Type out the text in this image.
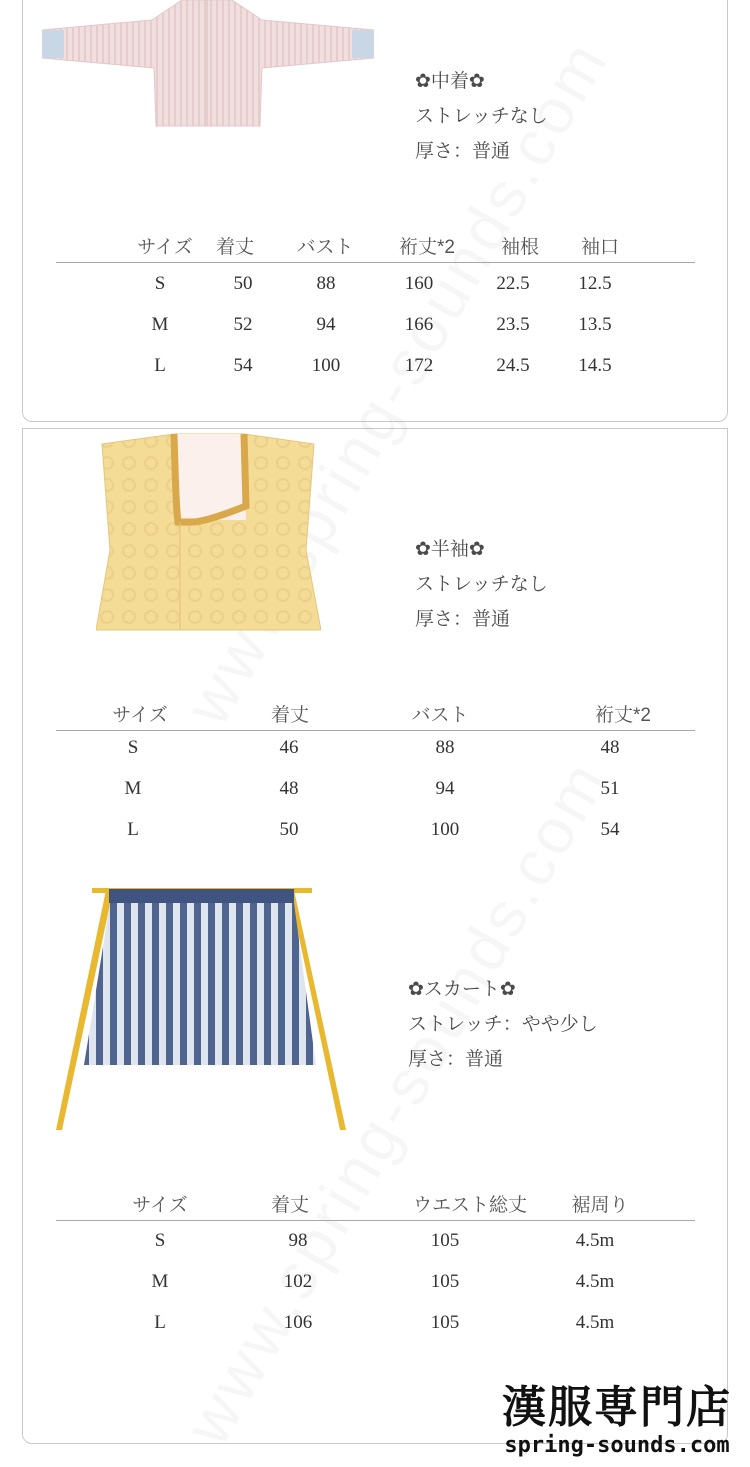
✿中着✿
ストレッチなし
厚さ：普通
サイズ 着丈 バスト 裄丈*2 袖根 袖口
S	50	88	160	22.5	12.5
M	52	94	166	23.5	13.5
L	54	100	172	24.5	14.5
✿半袖✿
ストレッチなし
厚さ：普通
サイズ	着丈	バスト	裄丈*2
S	46	88	48
M	48	94	51
L	50	100	54
✿スカート✿
ストレッチ：やや少し
厚さ：普通
サイズ	着丈	ウエスト総丈 裾周り
S	98	105	4.5m
M	102	105	4.5m
L	106	105	4.5m
漢服専門店
spring-sounds.com
